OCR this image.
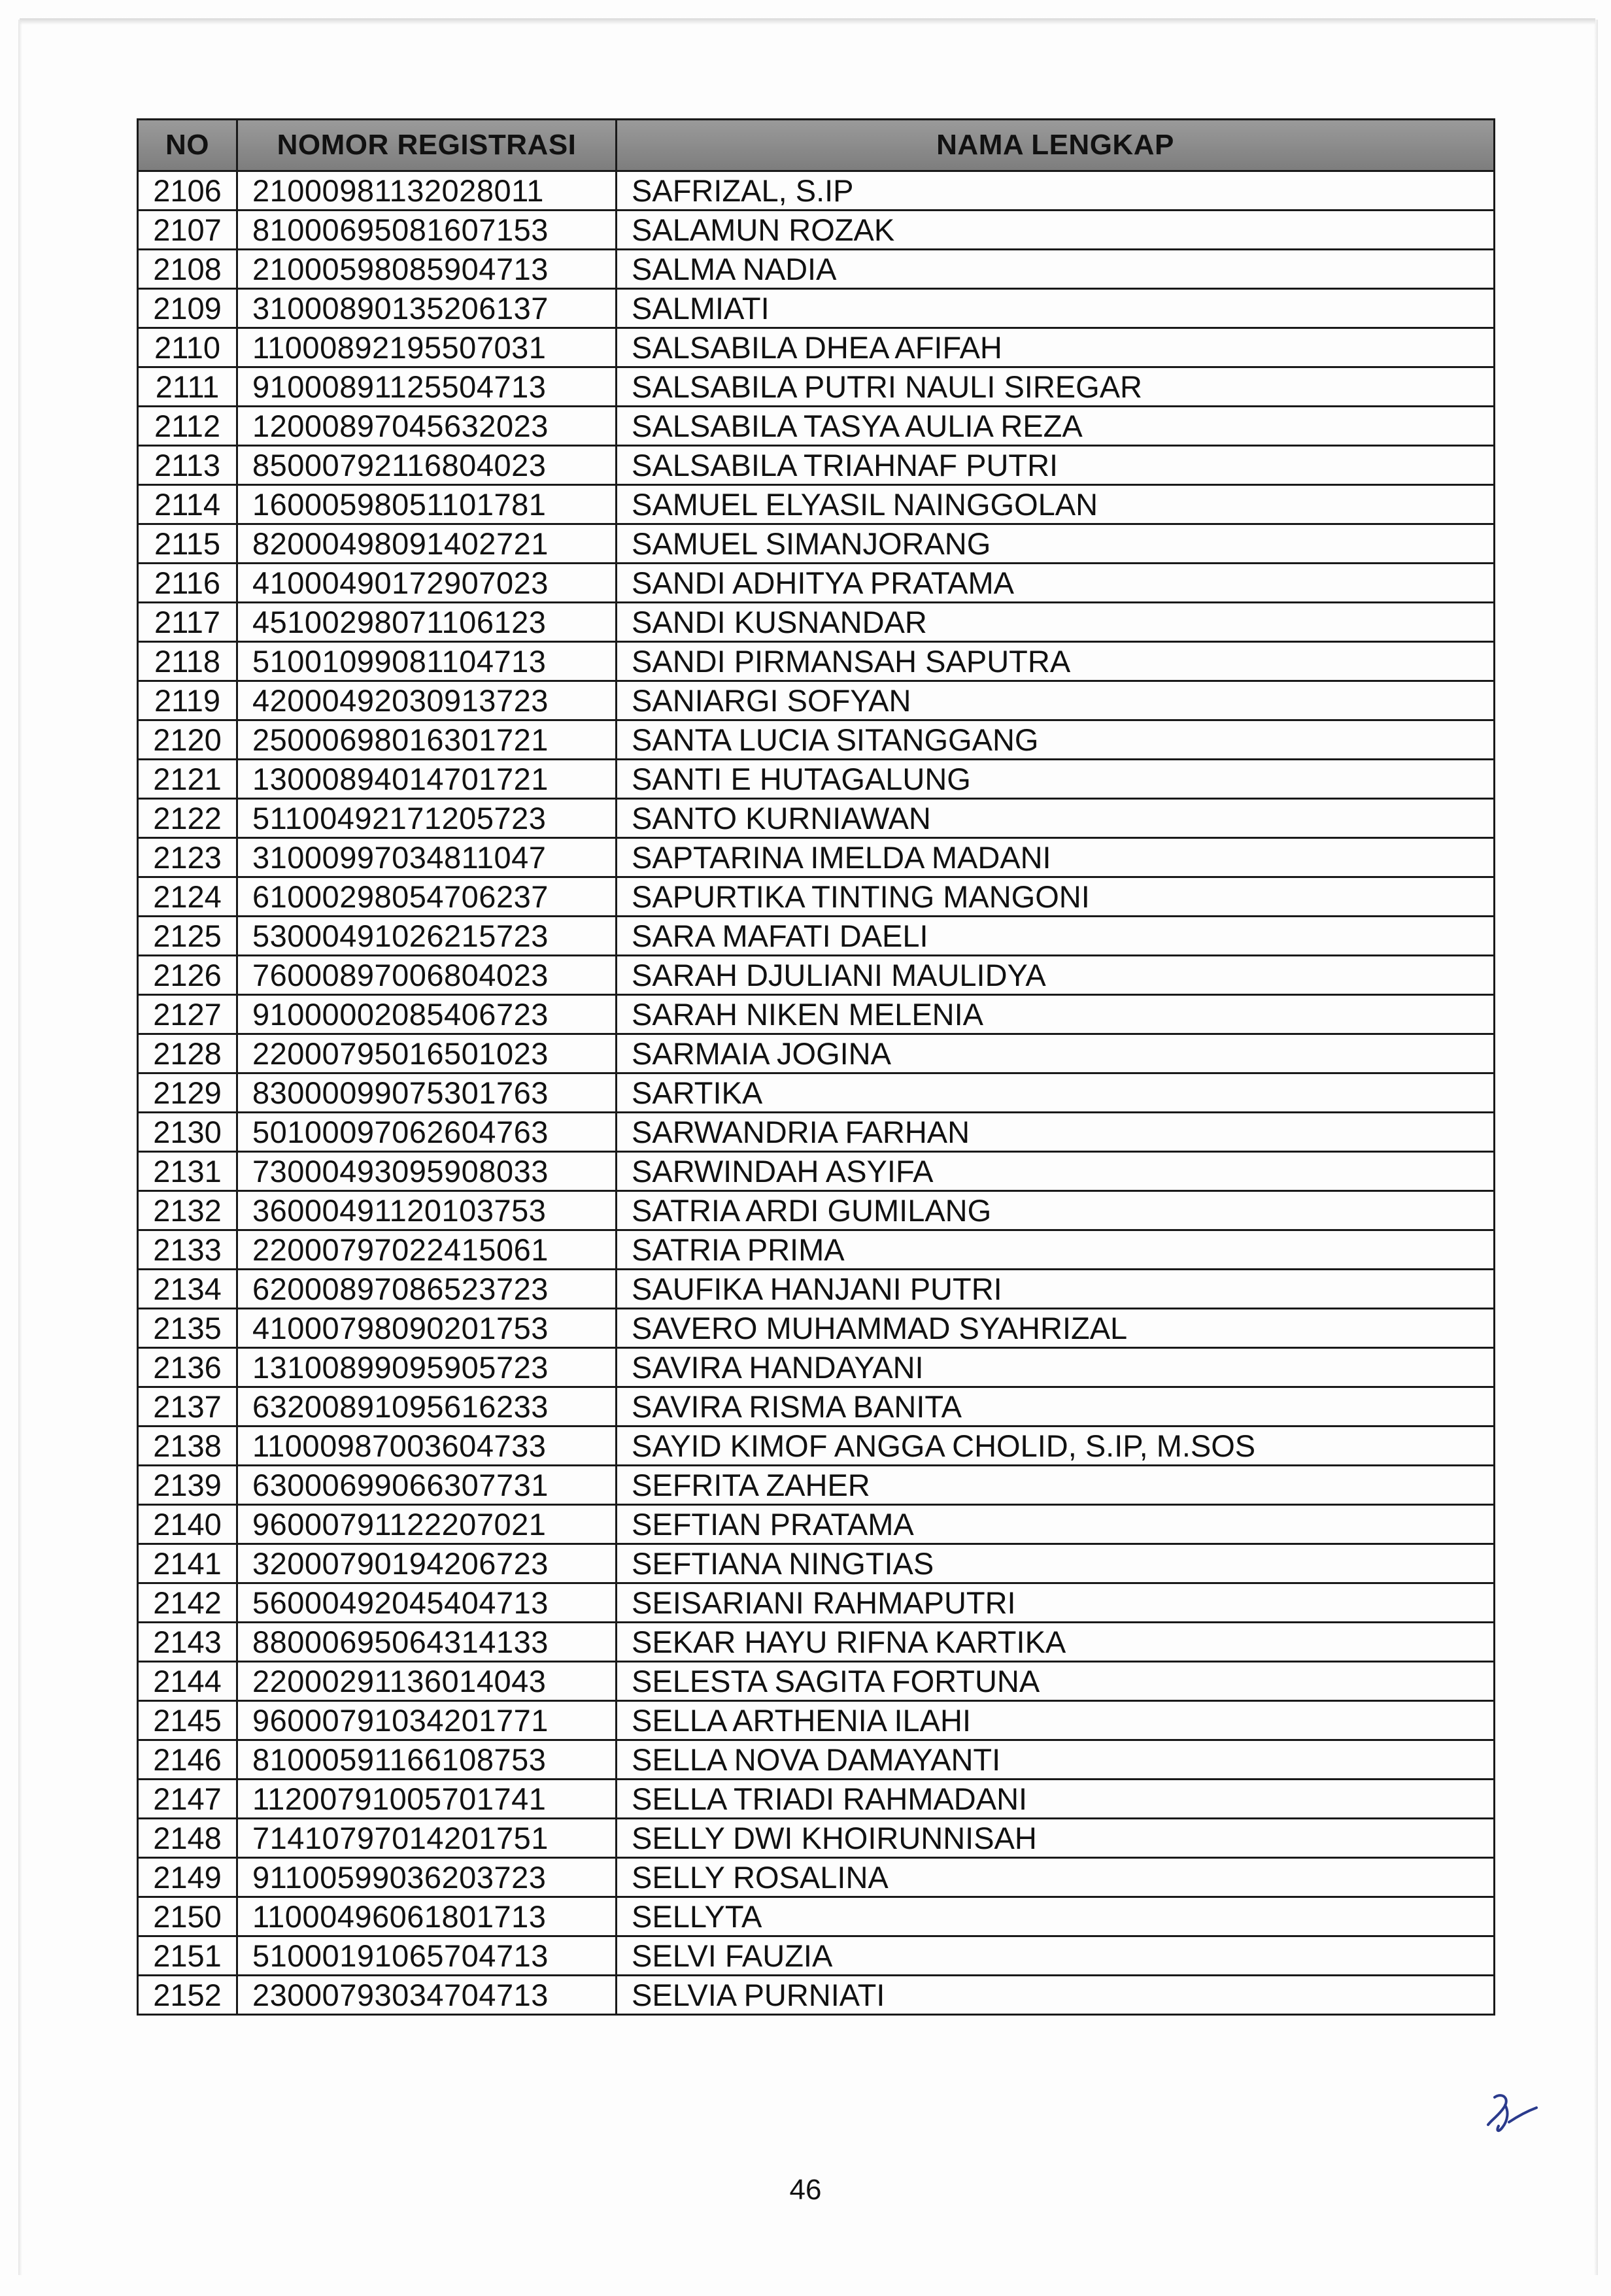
NO	NOMOR REGISTRASI	NAMA LENGKAP
2106	21000981132028011	SAFRIZAL, S.IP
2107	81000695081607153	SALAMUN ROZAK
2108	21000598085904713	SALMA NADIA
2109	31000890135206137	SALMIATI
2110	11000892195507031	SALSABILA DHEA AFIFAH
2111	91000891125504713	SALSABILA PUTRI NAULI SIREGAR
2112	12000897045632023	SALSABILA TASYA AULIA REZA
2113	85000792116804023	SALSABILA TRIAHNAF PUTRI
2114	16000598051101781	SAMUEL ELYASIL NAINGGOLAN
2115	82000498091402721	SAMUEL SIMANJORANG
2116	41000490172907023	SANDI ADHITYA PRATAMA
2117	45100298071106123	SANDI KUSNANDAR
2118	51001099081104713	SANDI PIRMANSAH SAPUTRA
2119	42000492030913723	SANIARGI SOFYAN
2120	25000698016301721	SANTA LUCIA SITANGGANG
2121	13000894014701721	SANTI E HUTAGALUNG
2122	51100492171205723	SANTO KURNIAWAN
2123	31000997034811047	SAPTARINA IMELDA MADANI
2124	61000298054706237	SAPURTIKA TINTING MANGONI
2125	53000491026215723	SARA MAFATI DAELI
2126	76000897006804023	SARAH DJULIANI MAULIDYA
2127	91000002085406723	SARAH NIKEN MELENIA
2128	22000795016501023	SARMAIA JOGINA
2129	83000099075301763	SARTIKA
2130	50100097062604763	SARWANDRIA FARHAN
2131	73000493095908033	SARWINDAH ASYIFA
2132	36000491120103753	SATRIA ARDI GUMILANG
2133	22000797022415061	SATRIA PRIMA
2134	62000897086523723	SAUFIKA HANJANI PUTRI
2135	41000798090201753	SAVERO MUHAMMAD SYAHRIZAL
2136	13100899095905723	SAVIRA HANDAYANI
2137	63200891095616233	SAVIRA RISMA BANITA
2138	11000987003604733	SAYID KIMOF ANGGA CHOLID, S.IP, M.SOS
2139	63000699066307731	SEFRITA ZAHER
2140	96000791122207021	SEFTIAN PRATAMA
2141	32000790194206723	SEFTIANA NINGTIAS
2142	56000492045404713	SEISARIANI RAHMAPUTRI
2143	88000695064314133	SEKAR HAYU RIFNA KARTIKA
2144	22000291136014043	SELESTA SAGITA FORTUNA
2145	96000791034201771	SELLA ARTHENIA ILAHI
2146	81000591166108753	SELLA NOVA DAMAYANTI
2147	11200791005701741	SELLA TRIADI RAHMADANI
2148	71410797014201751	SELLY DWI KHOIRUNNISAH
2149	91100599036203723	SELLY ROSALINA
2150	11000496061801713	SELLYTA
2151	51000191065704713	SELVI FAUZIA
2152	23000793034704713	SELVIA PURNIATI
46
